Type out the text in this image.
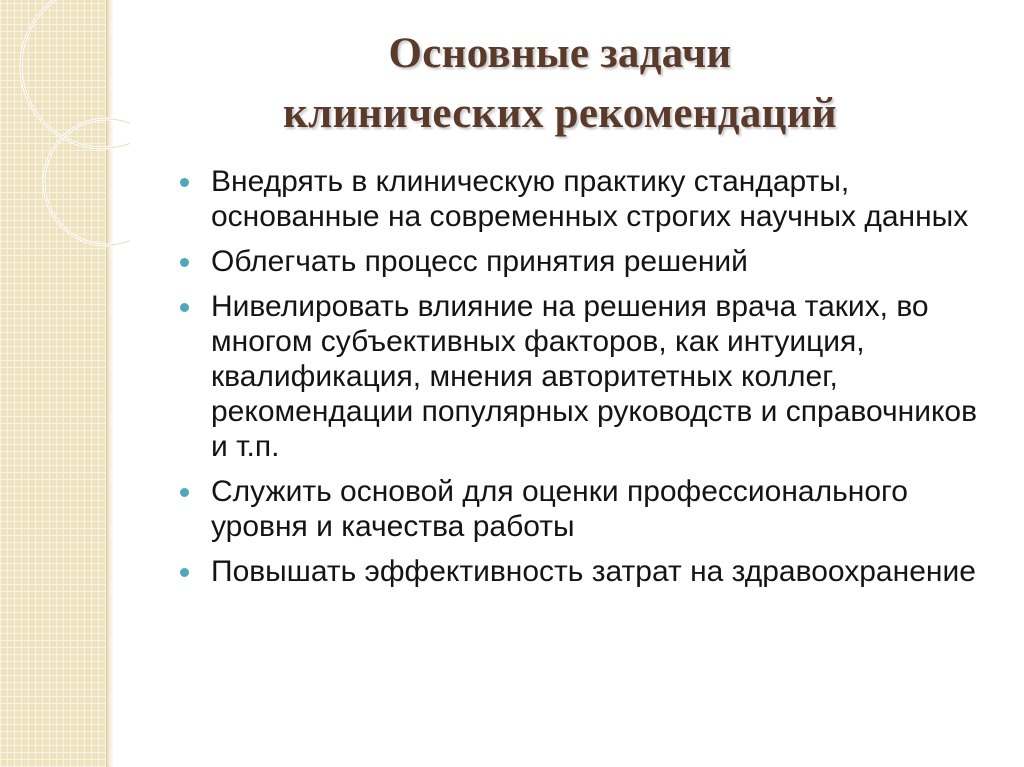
Основные задачи
клинических рекомендаций
Внедрять в клиническую практику стандарты, основанные на современных строгих научных данных
Облегчать процесс принятия решений
Нивелировать влияние на решения врача таких, во многом субъективных факторов, как интуиция, квалификация, мнения авторитетных коллег, рекомендации популярных руководств и справочников и т.п.
Служить основой для оценки профессионального уровня и качества работы
Повышать эффективность затрат на здравоохранение
